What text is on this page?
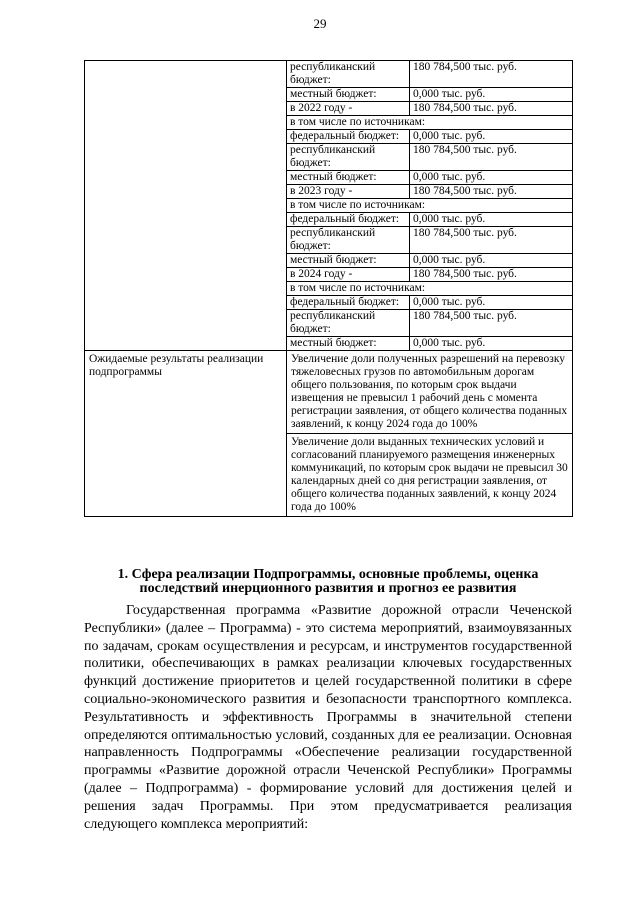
29
	республиканский бюджет:	180 784,500 тыс. руб.
	местный бюджет:	0,000 тыс. руб.
	в 2022 году -	180 784,500 тыс. руб.
	в том числе по источникам:	
	федеральный бюджет:	0,000 тыс. руб.
	республиканский бюджет:	180 784,500 тыс. руб.
	местный бюджет:	0,000 тыс. руб.
	в 2023 году -	180 784,500 тыс. руб.
	в том числе по источникам:	
	федеральный бюджет:	0,000 тыс. руб.
	республиканский бюджет:	180 784,500 тыс. руб.
	местный бюджет:	0,000 тыс. руб.
	в 2024 году -	180 784,500 тыс. руб.
	в том числе по источникам:	
	федеральный бюджет:	0,000 тыс. руб.
	республиканский бюджет:	180 784,500 тыс. руб.
	местный бюджет:	0,000 тыс. руб.
Ожидаемые результаты реализации подпрограммы	Увеличение доли полученных разрешений на перевозку тяжеловесных грузов по автомобильным дорогам общего пользования, по которым срок выдачи извещения не превысил 1 рабочий день с момента регистрации заявления, от общего количества поданных заявлений, к концу 2024 года до 100%	
	Увеличение доли выданных технических условий и согласований планируемого размещения инженерных коммуникаций, по которым срок выдачи не превысил 30 календарных дней со дня регистрации заявления, от общего количества поданных заявлений, к концу 2024 года до 100%	
1. Сфера реализации Подпрограммы, основные проблемы, оценка
последствий инерционного развития и прогноз ее развития

Государственная программа «Развитие дорожной отрасли Чеченской Республики» (далее – Программа) - это система мероприятий, взаимоувязанных по задачам, срокам осуществления и ресурсам, и инструментов государственной политики, обеспечивающих в рамках реализации ключевых государственных функций достижение приоритетов и целей государственной политики в сфере социально-экономического развития и безопасности транспортного комплекса. Результативность и эффективность Программы в значительной степени определяются оптимальностью условий, созданных для ее реализации. Основная направленность Подпрограммы «Обеспечение реализации государственной программы «Развитие дорожной отрасли Чеченской Республики» Программы (далее – Подпрограмма) - формирование условий для достижения целей и решения задач Программы. При этом предусматривается реализация следующего комплекса мероприятий:
